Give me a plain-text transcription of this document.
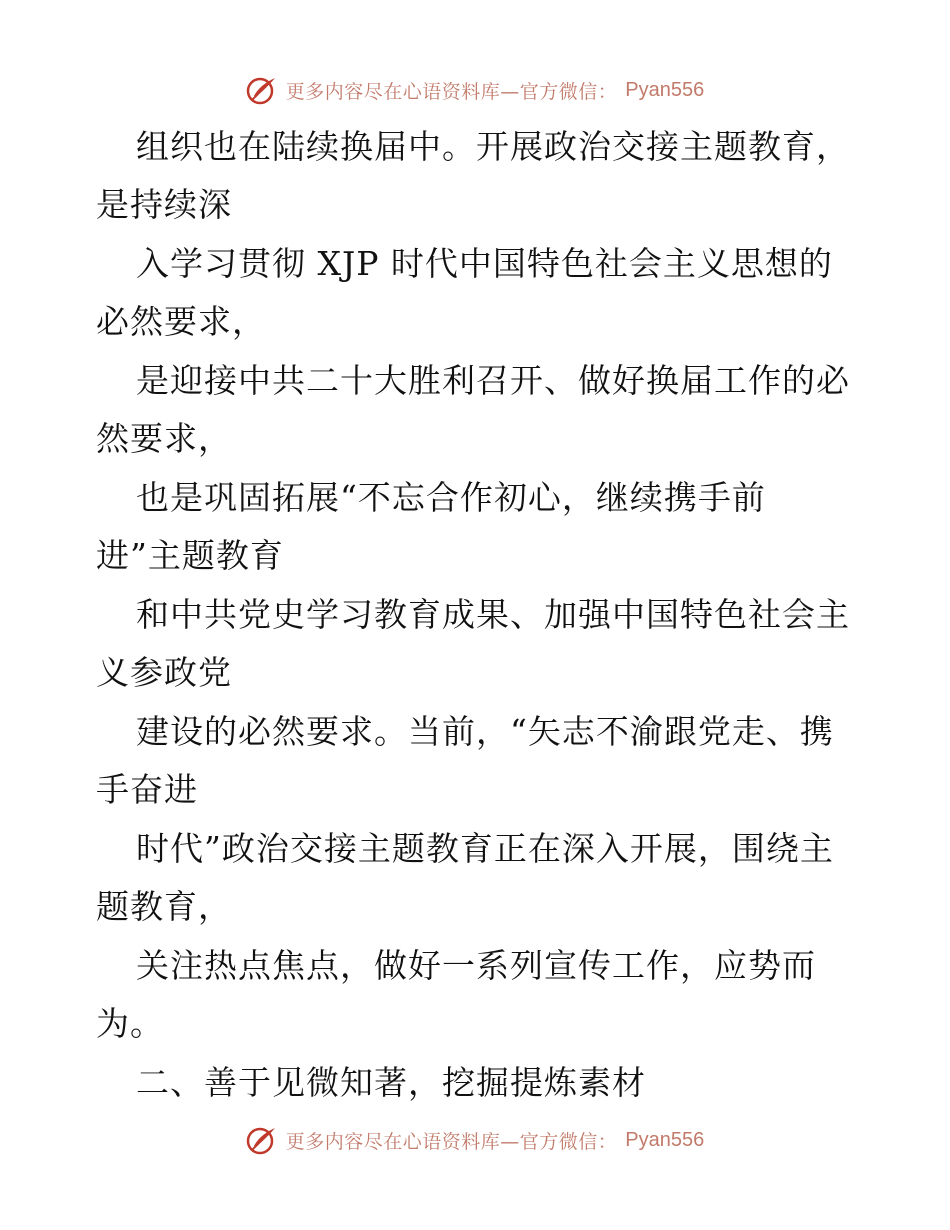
更多内容尽在心语资料库—官方微信： Pyan556
组织也在陆续换届中。开展政治交接主题教育，
是持续深
入学习贯彻 XJP 时代中国特色社会主义思想的
必然要求，
是迎接中共二十大胜利召开、做好换届工作的必
然要求，
也是巩固拓展“不忘合作初心，继续携手前
进”主题教育
和中共党史学习教育成果、加强中国特色社会主
义参政党
建设的必然要求。当前，“矢志不渝跟党走、携
手奋进
时代”政治交接主题教育正在深入开展，围绕主
题教育，
关注热点焦点，做好一系列宣传工作，应势而
为。
二、善于见微知著，挖掘提炼素材
更多内容尽在心语资料库—官方微信： Pyan556
